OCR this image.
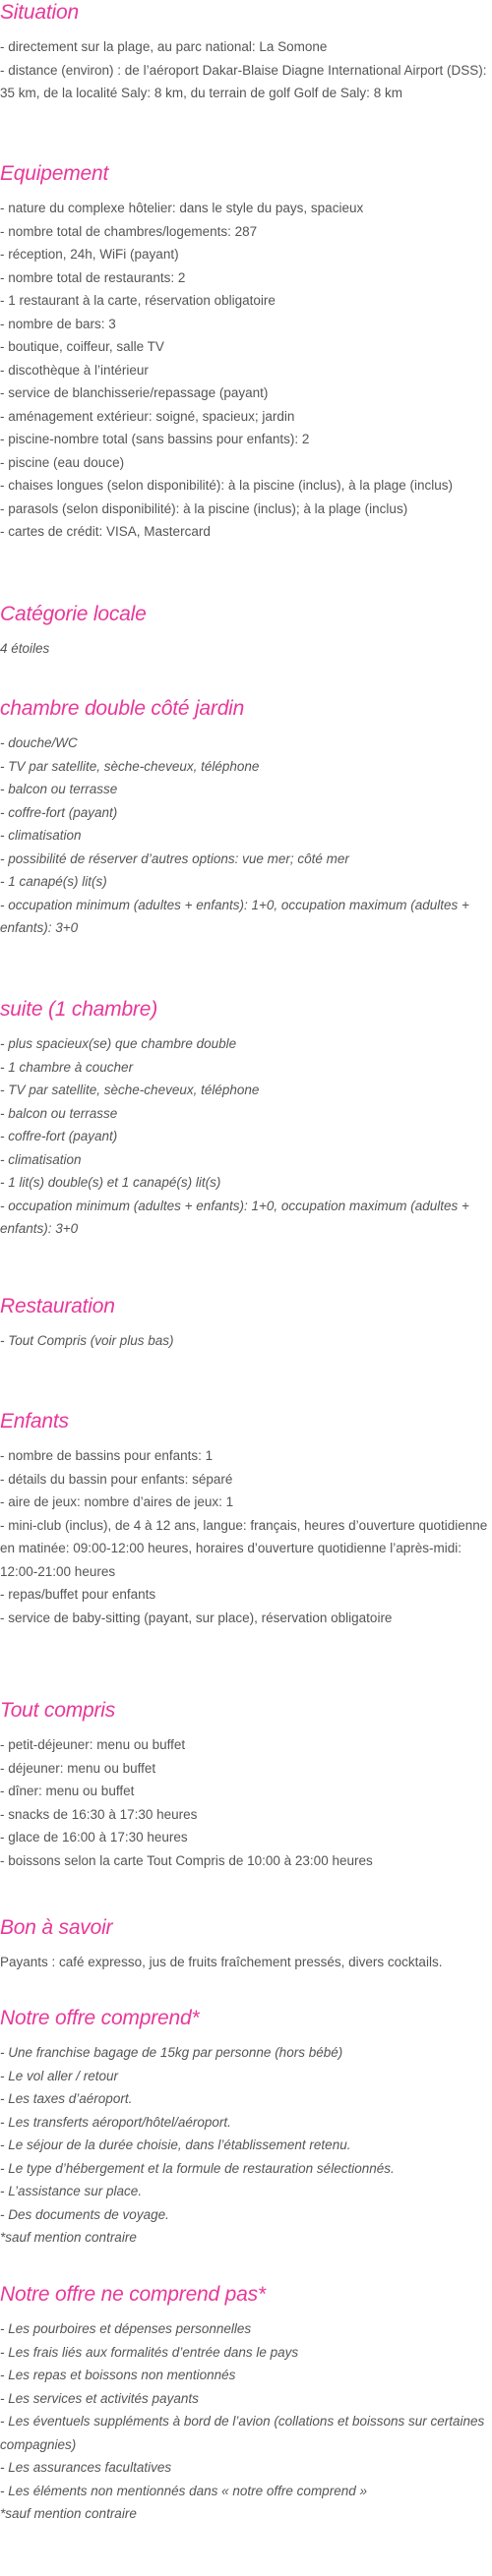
Situation

- directement sur la plage, au parc national: La Somone

- distance (environ) : de l’aéroport Dakar-Blaise Diagne International Airport (DSS): 35 km, de la localité Saly: 8 km, du terrain de golf Golf de Saly: 8 km

Equipement

- nature du complexe hôtelier: dans le style du pays, spacieux

- nombre total de chambres/logements: 287

- réception, 24h, WiFi (payant)

- nombre total de restaurants: 2

- 1 restaurant à la carte, réservation obligatoire

- nombre de bars: 3

- boutique, coiffeur, salle TV

- discothèque à l’intérieur

- service de blanchisserie/repassage (payant)

- aménagement extérieur: soigné, spacieux; jardin

- piscine-nombre total (sans bassins pour enfants): 2

- piscine (eau douce)

- chaises longues (selon disponibilité): à la piscine (inclus), à la plage (inclus)

- parasols (selon disponibilité): à la piscine (inclus); à la plage (inclus)

- cartes de crédit: VISA, Mastercard

Catégorie locale

4 étoiles

chambre double côté jardin

- douche/WC

- TV par satellite, sèche-cheveux, téléphone

- balcon ou terrasse

- coffre-fort (payant)

- climatisation

- possibilité de réserver d’autres options: vue mer; côté mer

- 1 canapé(s) lit(s)

- occupation minimum (adultes + enfants): 1+0, occupation maximum (adultes + enfants): 3+0

suite (1 chambre)

- plus spacieux(se) que chambre double

- 1 chambre à coucher

- TV par satellite, sèche-cheveux, téléphone

- balcon ou terrasse

- coffre-fort (payant)

- climatisation

- 1 lit(s) double(s) et 1 canapé(s) lit(s)

- occupation minimum (adultes + enfants): 1+0, occupation maximum (adultes + enfants): 3+0

Restauration

- Tout Compris (voir plus bas)

Enfants

- nombre de bassins pour enfants: 1

- détails du bassin pour enfants: séparé

- aire de jeux: nombre d’aires de jeux: 1

- mini-club (inclus), de 4 à 12 ans, langue: français, heures d’ouverture quotidienne en matinée: 09:00-12:00 heures, horaires d’ouverture quotidienne l’après-midi: 12:00-21:00 heures

- repas/buffet pour enfants

- service de baby-sitting (payant, sur place), réservation obligatoire

Tout compris

- petit-déjeuner: menu ou buffet

- déjeuner: menu ou buffet

- dîner: menu ou buffet

- snacks de 16:30 à 17:30 heures

- glace de 16:00 à 17:30 heures

- boissons selon la carte Tout Compris de 10:00 à 23:00 heures

Bon à savoir

Payants : café expresso, jus de fruits fraîchement pressés, divers cocktails.

Notre offre comprend*

- Une franchise bagage de 15kg par personne (hors bébé)

- Le vol aller / retour

- Les taxes d’aéroport.

- Les transferts aéroport/hôtel/aéroport.

- Le séjour de la durée choisie, dans l’établissement retenu.

- Le type d’hébergement et la formule de restauration sélectionnés.

- L’assistance sur place.

- Des documents de voyage.

*sauf mention contraire

Notre offre ne comprend pas*

- Les pourboires et dépenses personnelles

- Les frais liés aux formalités d’entrée dans le pays

- Les repas et boissons non mentionnés

- Les services et activités payants

- Les éventuels suppléments à bord de l’avion (collations et boissons sur certaines compagnies)

- Les assurances facultatives

- Les éléments non mentionnés dans « notre offre comprend »

*sauf mention contraire
